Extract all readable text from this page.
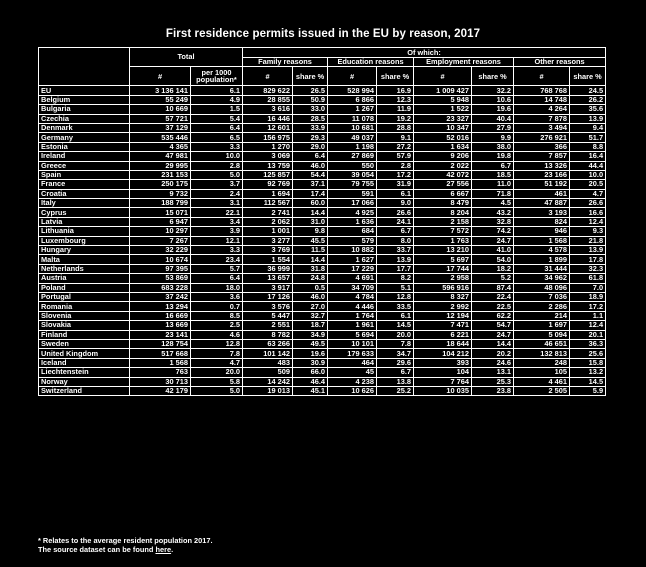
First residence permits issued in the EU by reason, 2017
	Total		Of which:							
			Family reasons		Education reasons		Employment reasons		Other reasons	
	#	per 1000 population*	#	share %	#	share %	#	share %	#	share %
EU	3 136 141	6.1	829 622	26.5	528 994	16.9	1 009 427	32.2	768 768	24.5
Belgium	55 249	4.9	28 855	50.9	6 866	12.3	5 948	10.6	14 748	26.2
Bulgaria	10 669	1.5	3 616	33.0	1 267	11.9	1 522	19.6	4 264	35.6
Czechia	57 721	5.4	16 446	28.5	11 078	19.2	23 327	40.4	7 878	13.9
Denmark	37 129	6.4	12 601	33.9	10 681	28.8	10 347	27.9	3 494	9.4
Germany	535 446	6.5	156 975	29.3	49 037	9.1	52 016	9.9	276 921	51.7
Estonia	4 365	3.3	1 270	29.0	1 198	27.2	1 634	38.0	366	8.8
Ireland	47 981	10.0	3 069	6.4	27 869	57.9	9 206	19.8	7 857	16.4
Greece	29 995	2.8	13 759	46.0	550	2.8	2 022	6.7	13 326	44.4
Spain	231 153	5.0	125 857	54.4	39 054	17.2	42 072	18.5	23 166	10.0
France	250 175	3.7	92 769	37.1	79 755	31.9	27 556	11.0	51 192	20.5
Croatia	9 732	2.4	1 694	17.4	591	6.1	6 667	71.8	461	4.7
Italy	188 799	3.1	112 567	60.0	17 066	9.0	8 479	4.5	47 887	26.6
Cyprus	15 071	22.1	2 741	14.4	4 925	26.6	8 204	43.2	3 193	16.6
Latvia	6 947	3.4	2 062	31.0	1 636	24.1	2 158	32.8	824	12.4
Lithuania	10 297	3.9	1 001	9.8	684	6.7	7 572	74.2	946	9.3
Luxembourg	7 267	12.1	3 277	45.5	579	8.0	1 763	24.7	1 568	21.8
Hungary	32 229	3.3	3 769	11.5	10 882	33.7	13 210	41.0	4 578	13.9
Malta	10 674	23.4	1 554	14.4	1 627	13.9	5 697	54.0	1 899	17.8
Netherlands	97 395	5.7	36 999	31.8	17 229	17.7	17 744	18.2	31 444	32.3
Austria	53 869	6.4	13 657	24.8	4 691	8.2	2 958	5.2	34 962	61.8
Poland	683 228	18.0	3 917	0.5	34 709	5.1	596 916	87.4	48 096	7.0
Portugal	37 242	3.6	17 126	46.0	4 784	12.8	8 327	22.4	7 036	18.9
Romania	13 294	0.7	3 576	27.0	4 446	33.5	2 992	22.5	2 286	17.2
Slovenia	16 669	8.5	5 447	32.7	1 764	6.1	12 194	62.2	214	1.1
Slovakia	13 669	2.5	2 551	18.7	1 961	14.5	7 471	54.7	1 697	12.4
Finland	23 141	4.6	8 782	34.9	5 694	20.0	6 221	24.7	5 094	20.1
Sweden	128 754	12.8	63 266	49.5	10 101	7.8	18 644	14.4	46 651	36.3
United Kingdom	517 668	7.8	101 142	19.6	179 633	34.7	104 212	20.2	132 813	25.6
Iceland	1 568	4.7	483	30.9	464	29.6	393	24.6	248	15.8
Liechtenstein	763	20.0	509	66.0	45	6.7	104	13.1	105	13.2
Norway	30 713	5.8	14 242	46.4	4 238	13.8	7 764	25.3	4 461	14.5
Switzerland	42 179	5.0	19 013	45.1	10 626	25.2	10 035	23.8	2 505	5.9
* Relates to the average resident population 2017.
The source dataset can be found here.
